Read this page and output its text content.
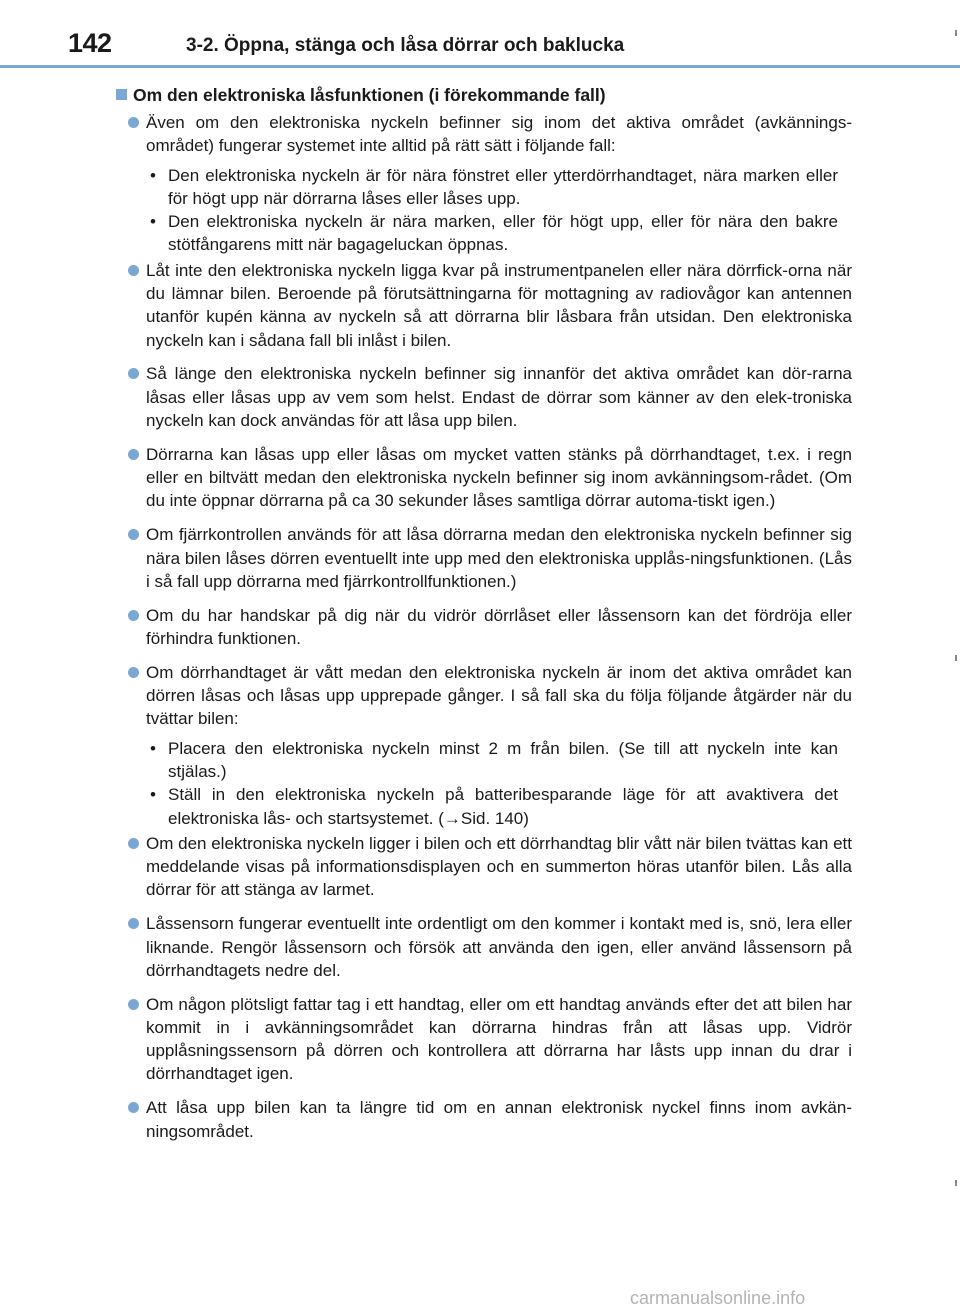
142	3-2. Öppna, stänga och låsa dörrar och baklucka
Om den elektroniska låsfunktionen (i förekommande fall)
Även om den elektroniska nyckeln befinner sig inom det aktiva området (avkännings-området) fungerar systemet inte alltid på rätt sätt i följande fall:
• Den elektroniska nyckeln är för nära fönstret eller ytterdörrhandtaget, nära marken eller för högt upp när dörrarna låses eller låses upp.
• Den elektroniska nyckeln är nära marken, eller för högt upp, eller för nära den bakre stötfångarens mitt när bagageluckan öppnas.
Låt inte den elektroniska nyckeln ligga kvar på instrumentpanelen eller nära dörrfick-orna när du lämnar bilen. Beroende på förutsättningarna för mottagning av radiovågor kan antennen utanför kupén känna av nyckeln så att dörrarna blir låsbara från utsidan. Den elektroniska nyckeln kan i sådana fall bli inlåst i bilen.
Så länge den elektroniska nyckeln befinner sig innanför det aktiva området kan dör-rarna låsas eller låsas upp av vem som helst. Endast de dörrar som känner av den elek-troniska nyckeln kan dock användas för att låsa upp bilen.
Dörrarna kan låsas upp eller låsas om mycket vatten stänks på dörrhandtaget, t.ex. i regn eller en biltvätt medan den elektroniska nyckeln befinner sig inom avkänningsom-rådet. (Om du inte öppnar dörrarna på ca 30 sekunder låses samtliga dörrar automa-tiskt igen.)
Om fjärrkontrollen används för att låsa dörrarna medan den elektroniska nyckeln befinner sig nära bilen låses dörren eventuellt inte upp med den elektroniska upplås-ningsfunktionen. (Lås i så fall upp dörrarna med fjärrkontrollfunktionen.)
Om du har handskar på dig när du vidrör dörrlåset eller låssensorn kan det fördröja eller förhindra funktionen.
Om dörrhandtaget är vått medan den elektroniska nyckeln är inom det aktiva området kan dörren låsas och låsas upp upprepade gånger. I så fall ska du följa följande åtgärder när du tvättar bilen:
• Placera den elektroniska nyckeln minst 2 m från bilen. (Se till att nyckeln inte kan stjälas.)
• Ställ in den elektroniska nyckeln på batteribesparande läge för att avaktivera det elektroniska lås- och startsystemet. (→Sid. 140)
Om den elektroniska nyckeln ligger i bilen och ett dörrhandtag blir vått när bilen tvättas kan ett meddelande visas på informationsdisplayen och en summerton höras utanför bilen. Lås alla dörrar för att stänga av larmet.
Låssensorn fungerar eventuellt inte ordentligt om den kommer i kontakt med is, snö, lera eller liknande. Rengör låssensorn och försök att använda den igen, eller använd låssensorn på dörrhandtagets nedre del.
Om någon plötsligt fattar tag i ett handtag, eller om ett handtag används efter det att bilen har kommit in i avkänningsområdet kan dörrarna hindras från att låsas upp. Vidrör upplåsningssensorn på dörren och kontrollera att dörrarna har låsts upp innan du drar i dörrhandtaget igen.
Att låsa upp bilen kan ta längre tid om en annan elektronisk nyckel finns inom avkän-ningsområdet.
carmanualsonline.info
